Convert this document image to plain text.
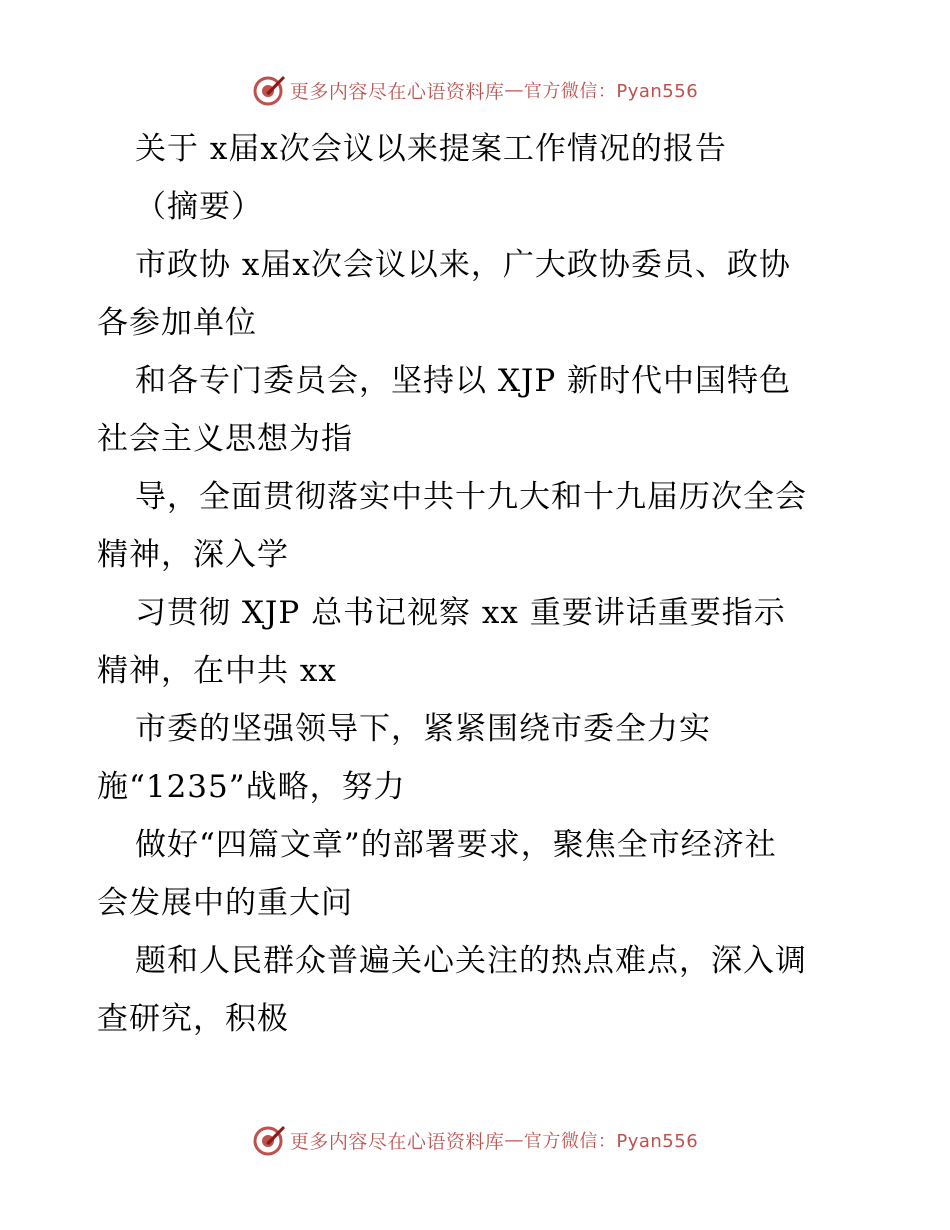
更多内容尽在心语资料库 — 官方微信：Pyan556
关于 x届x次会议以来提案工作情况的报告
（摘要）
市政协 x届x次会议以来，广大政协委员、政协
各参加单位
和各专门委员会，坚持以 XJP 新时代中国特色
社会主义思想为指
导，全面贯彻落实中共十九大和十九届历次全会
精神，深入学
习贯彻 XJP 总书记视察 xx 重要讲话重要指示
精神，在中共 xx
市委的坚强领导下，紧紧围绕市委全力实
施“1235”战略，努力
做好“四篇文章”的部署要求，聚焦全市经济社
会发展中的重大问
题和人民群众普遍关心关注的热点难点，深入调
查研究，积极
更多内容尽在心语资料库 — 官方微信：Pyan556
